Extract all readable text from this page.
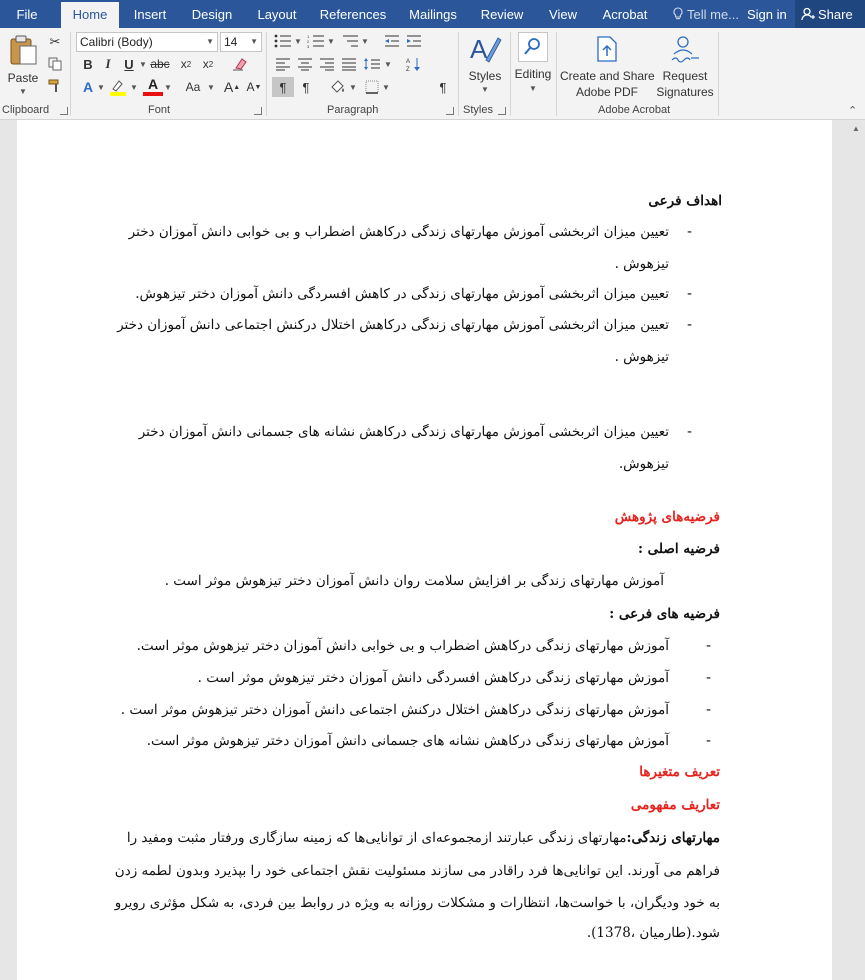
File	Home	Insert	Design	Layout	References	Mailings	Review	View	Acrobat	Tell me... Sign in	Share
Paste
▼
✂
Clipboard
Calibri (Body)	▼ 14 ▼
B I	U ▼ abc x 2 x 2
A ▼	▼ A ▼	A ▲ A ▼
Aa ▼
Font
▼
1
2
3
▼	▼
▼
¶	¶	▼	▼
A
Z
¶
Paragraph
A
Styles
▼
Styles
Editing
▼
Create and Share
Adobe PDF
Request
Signatures
Adobe Acrobat	⌃
اهداف فرعی
-
تعیین میزان اثربخشی آموزش مهارتهای زندگی درکاهش اضطراب و بی خوابی دانش آموزان دختر
تیزهوش .
-
تعیین میزان اثربخشی آموزش مهارتهای زندگی در کاهش افسردگی دانش آموزان دختر تیزهوش.
-
تعیین میزان اثربخشی آموزش مهارتهای زندگی درکاهش اختلال درکنش اجتماعی دانش آموزان دختر
تیزهوش .
-
تعیین میزان اثربخشی آموزش مهارتهای زندگی درکاهش نشانه های جسمانی دانش آموزان دختر
تیزهوش.
فرضیه‌های پژوهش
فرضیه اصلی :
آموزش مهارتهای زندگی بر افزایش سلامت روان دانش آموزان دختر تیزهوش موثر است .
فرضیه های فرعی :
-
آموزش مهارتهای زندگی درکاهش اضطراب و بی خوابی دانش آموزان دختر تیزهوش موثر است.
-
آموزش مهارتهای زندگی درکاهش افسردگی دانش آموزان دختر تیزهوش موثر است .
-
آموزش مهارتهای زندگی درکاهش اختلال درکنش اجتماعی دانش آموزان دختر تیزهوش موثر است .
-
آموزش مهارتهای زندگی درکاهش نشانه های جسمانی دانش آموزان دختر تیزهوش موثر است.
تعریف متغیرها
تعاریف مفهومی
مهارتهای زندگی:مهارتهای زندگی عبارتند ازمجموعه‌ای از توانایی‌ها که زمینه سازگاری ورفتار مثبت ومفید را
فراهم می آورند. این توانایی‌ها فرد راقادر می سازند مسئولیت نقش اجتماعی خود را بپذیرد وبدون لطمه زدن
به خود ودیگران، با خواست‌ها، انتظارات و مشکلات روزانه به ویژه در روابط بین فردی، به شکل مؤثری رویرو
شود.(طارمیان ،1378).
▲
